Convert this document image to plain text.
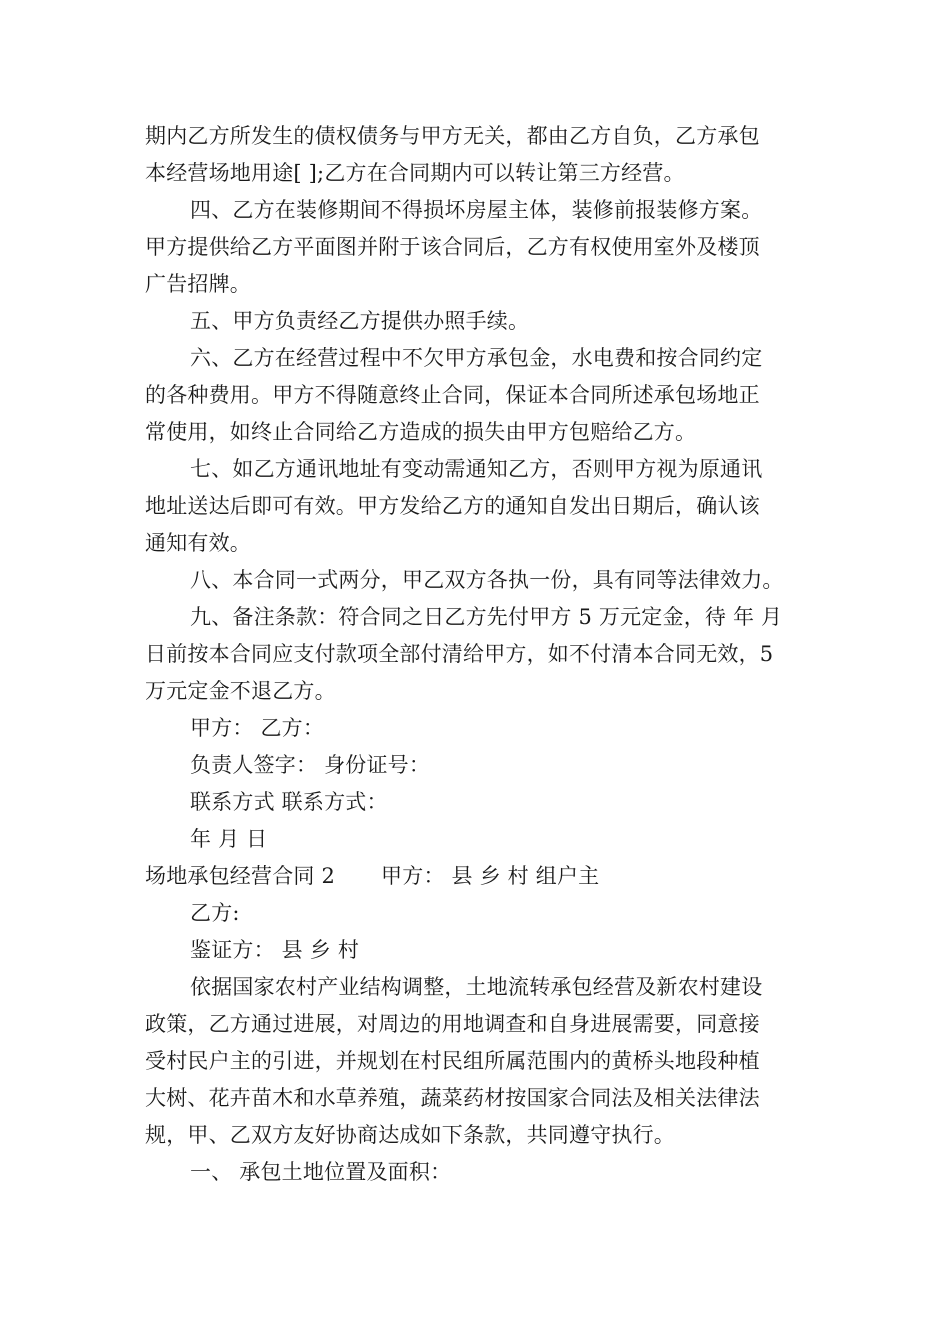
期内乙方所发生的债权债务与甲方无关，都由乙方自负，乙方承包
本经营场地用途[ ];乙方在合同期内可以转让第三方经营。
四、乙方在装修期间不得损坏房屋主体，装修前报装修方案。
甲方提供给乙方平面图并附于该合同后，乙方有权使用室外及楼顶
广告招牌。
五、甲方负责经乙方提供办照手续。
六、乙方在经营过程中不欠甲方承包金，水电费和按合同约定
的各种费用。甲方不得随意终止合同，保证本合同所述承包场地正
常使用，如终止合同给乙方造成的损失由甲方包赔给乙方。
七、如乙方通讯地址有变动需通知乙方，否则甲方视为原通讯
地址送达后即可有效。甲方发给乙方的通知自发出日期后，确认该
通知有效。
八、本合同一式两分，甲乙双方各执一份，具有同等法律效力。
九、备注条款：符合同之日乙方先付甲方 5 万元定金，待 年 月
日前按本合同应支付款项全部付清给甲方，如不付清本合同无效，5
万元定金不退乙方。
甲方： 乙方：
负责人签字： 身份证号：
联系方式 联系方式：
年 月 日
场地承包经营合同 2 甲方： 县 乡 村 组户主
乙方:
鉴证方： 县 乡 村
依据国家农村产业结构调整，土地流转承包经营及新农村建设
政策，乙方通过进展，对周边的用地调查和自身进展需要，同意接
受村民户主的引进，并规划在村民组所属范围内的黄桥头地段种植
大树、花卉苗木和水草养殖，蔬菜药材按国家合同法及相关法律法
规，甲、乙双方友好协商达成如下条款，共同遵守执行。
一、 承包土地位置及面积：
